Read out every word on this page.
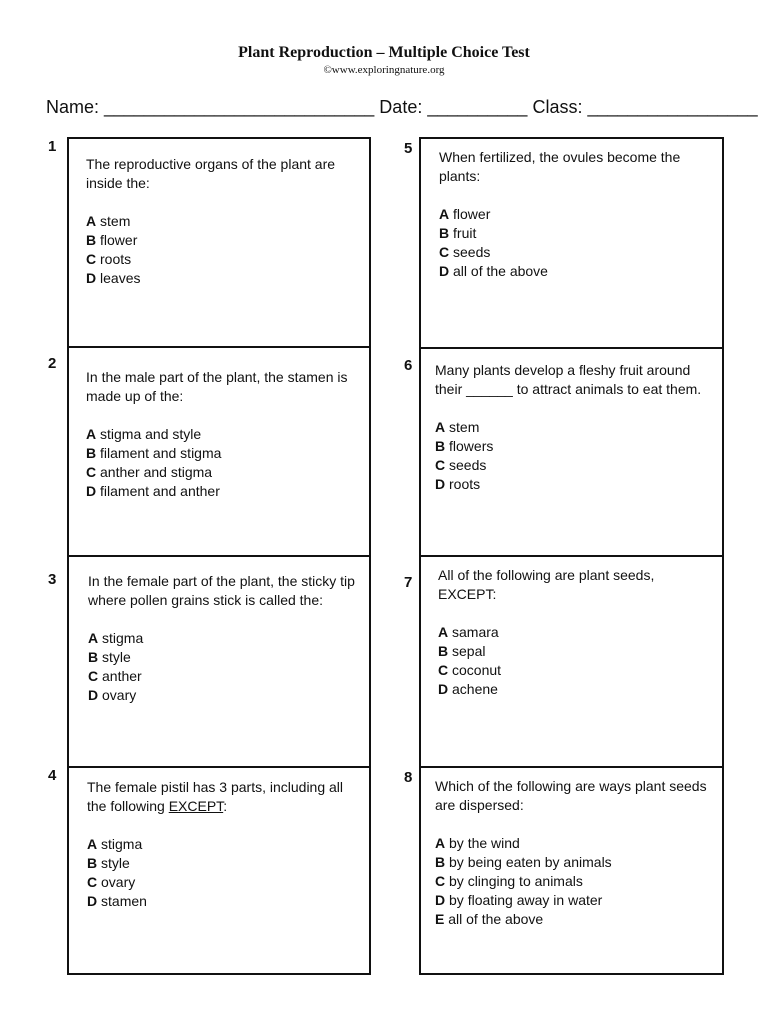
Plant Reproduction – Multiple Choice Test
©www.exploringnature.org
Name: ___________________________ Date: __________ Class: _________________
1
2
3
4
5
6
7
8
The reproductive organs of the plant are inside the:
A stem
B flower
C roots
D leaves
In the male part of the plant, the stamen is made up of the:
A stigma and style
B filament and stigma
C anther and stigma
D filament and anther
In the female part of the plant, the sticky tip where pollen grains stick is called the:
A stigma
B style
C anther
D ovary
The female pistil has 3 parts, including all the following EXCEPT:
A stigma
B style
C ovary
D stamen
When fertilized, the ovules become the plants:
A flower
B fruit
C seeds
D all of the above
Many plants develop a fleshy fruit around their ______ to attract animals to eat them.
A stem
B flowers
C seeds
D roots
All of the following are plant seeds, EXCEPT:
A samara
B sepal
C coconut
D achene
Which of the following are ways plant seeds are dispersed:
A by the wind
B by being eaten by animals
C by clinging to animals
D by floating away in water
E all of the above
